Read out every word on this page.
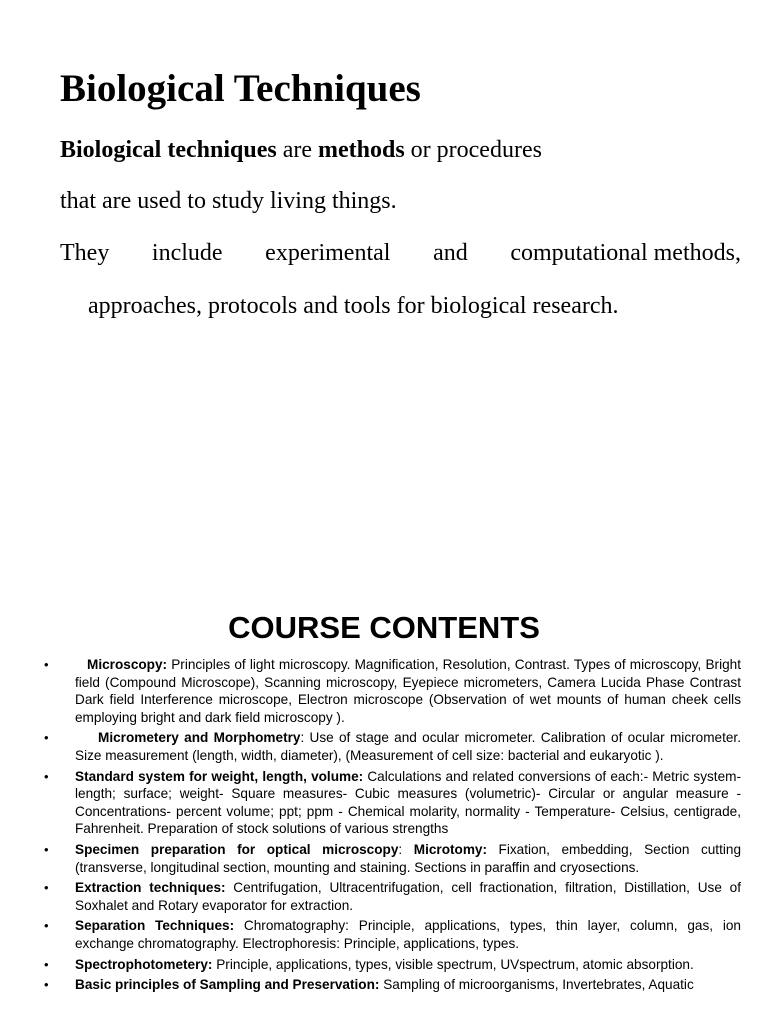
Biological Techniques
Biological techniques are methods or procedures
that are used to study living things.
They include experimental and computational methods,
approaches, protocols and tools for biological research.
COURSE CONTENTS
•	Microscopy: Principles of light microscopy. Magnification, Resolution, Contrast. Types of microscopy, Bright field (Compound Microscope), Scanning microscopy, Eyepiece micrometers, Camera Lucida Phase Contrast Dark field Interference microscope, Electron microscope (Observation of wet mounts of human cheek cells employing bright and dark field microscopy ).
•	Micrometery and Morphometry: Use of stage and ocular micrometer. Calibration of ocular micrometer. Size measurement (length, width, diameter), (Measurement of cell size: bacterial and eukaryotic ).
• Standard system for weight, length, volume: Calculations and related conversions of each:- Metric system- length; surface; weight- Square measures- Cubic measures (volumetric)- Circular or angular measure - Concentrations- percent volume; ppt; ppm - Chemical molarity, normality - Temperature- Celsius, centigrade, Fahrenheit. Preparation of stock solutions of various strengths
• Specimen preparation for optical microscopy: Microtomy: Fixation, embedding, Section cutting (transverse, longitudinal section, mounting and staining. Sections in paraffin and cryosections.
• Extraction techniques: Centrifugation, Ultracentrifugation, cell fractionation, filtration, Distillation, Use of Soxhalet and Rotary evaporator for extraction.
• Separation Techniques: Chromatography: Principle, applications, types, thin layer, column, gas, ion exchange chromatography. Electrophoresis: Principle, applications, types.
• Spectrophotometery: Principle, applications, types, visible spectrum, UVspectrum, atomic absorption.
• Basic principles of Sampling and Preservation: Sampling of microorganisms, Invertebrates, Aquatic
